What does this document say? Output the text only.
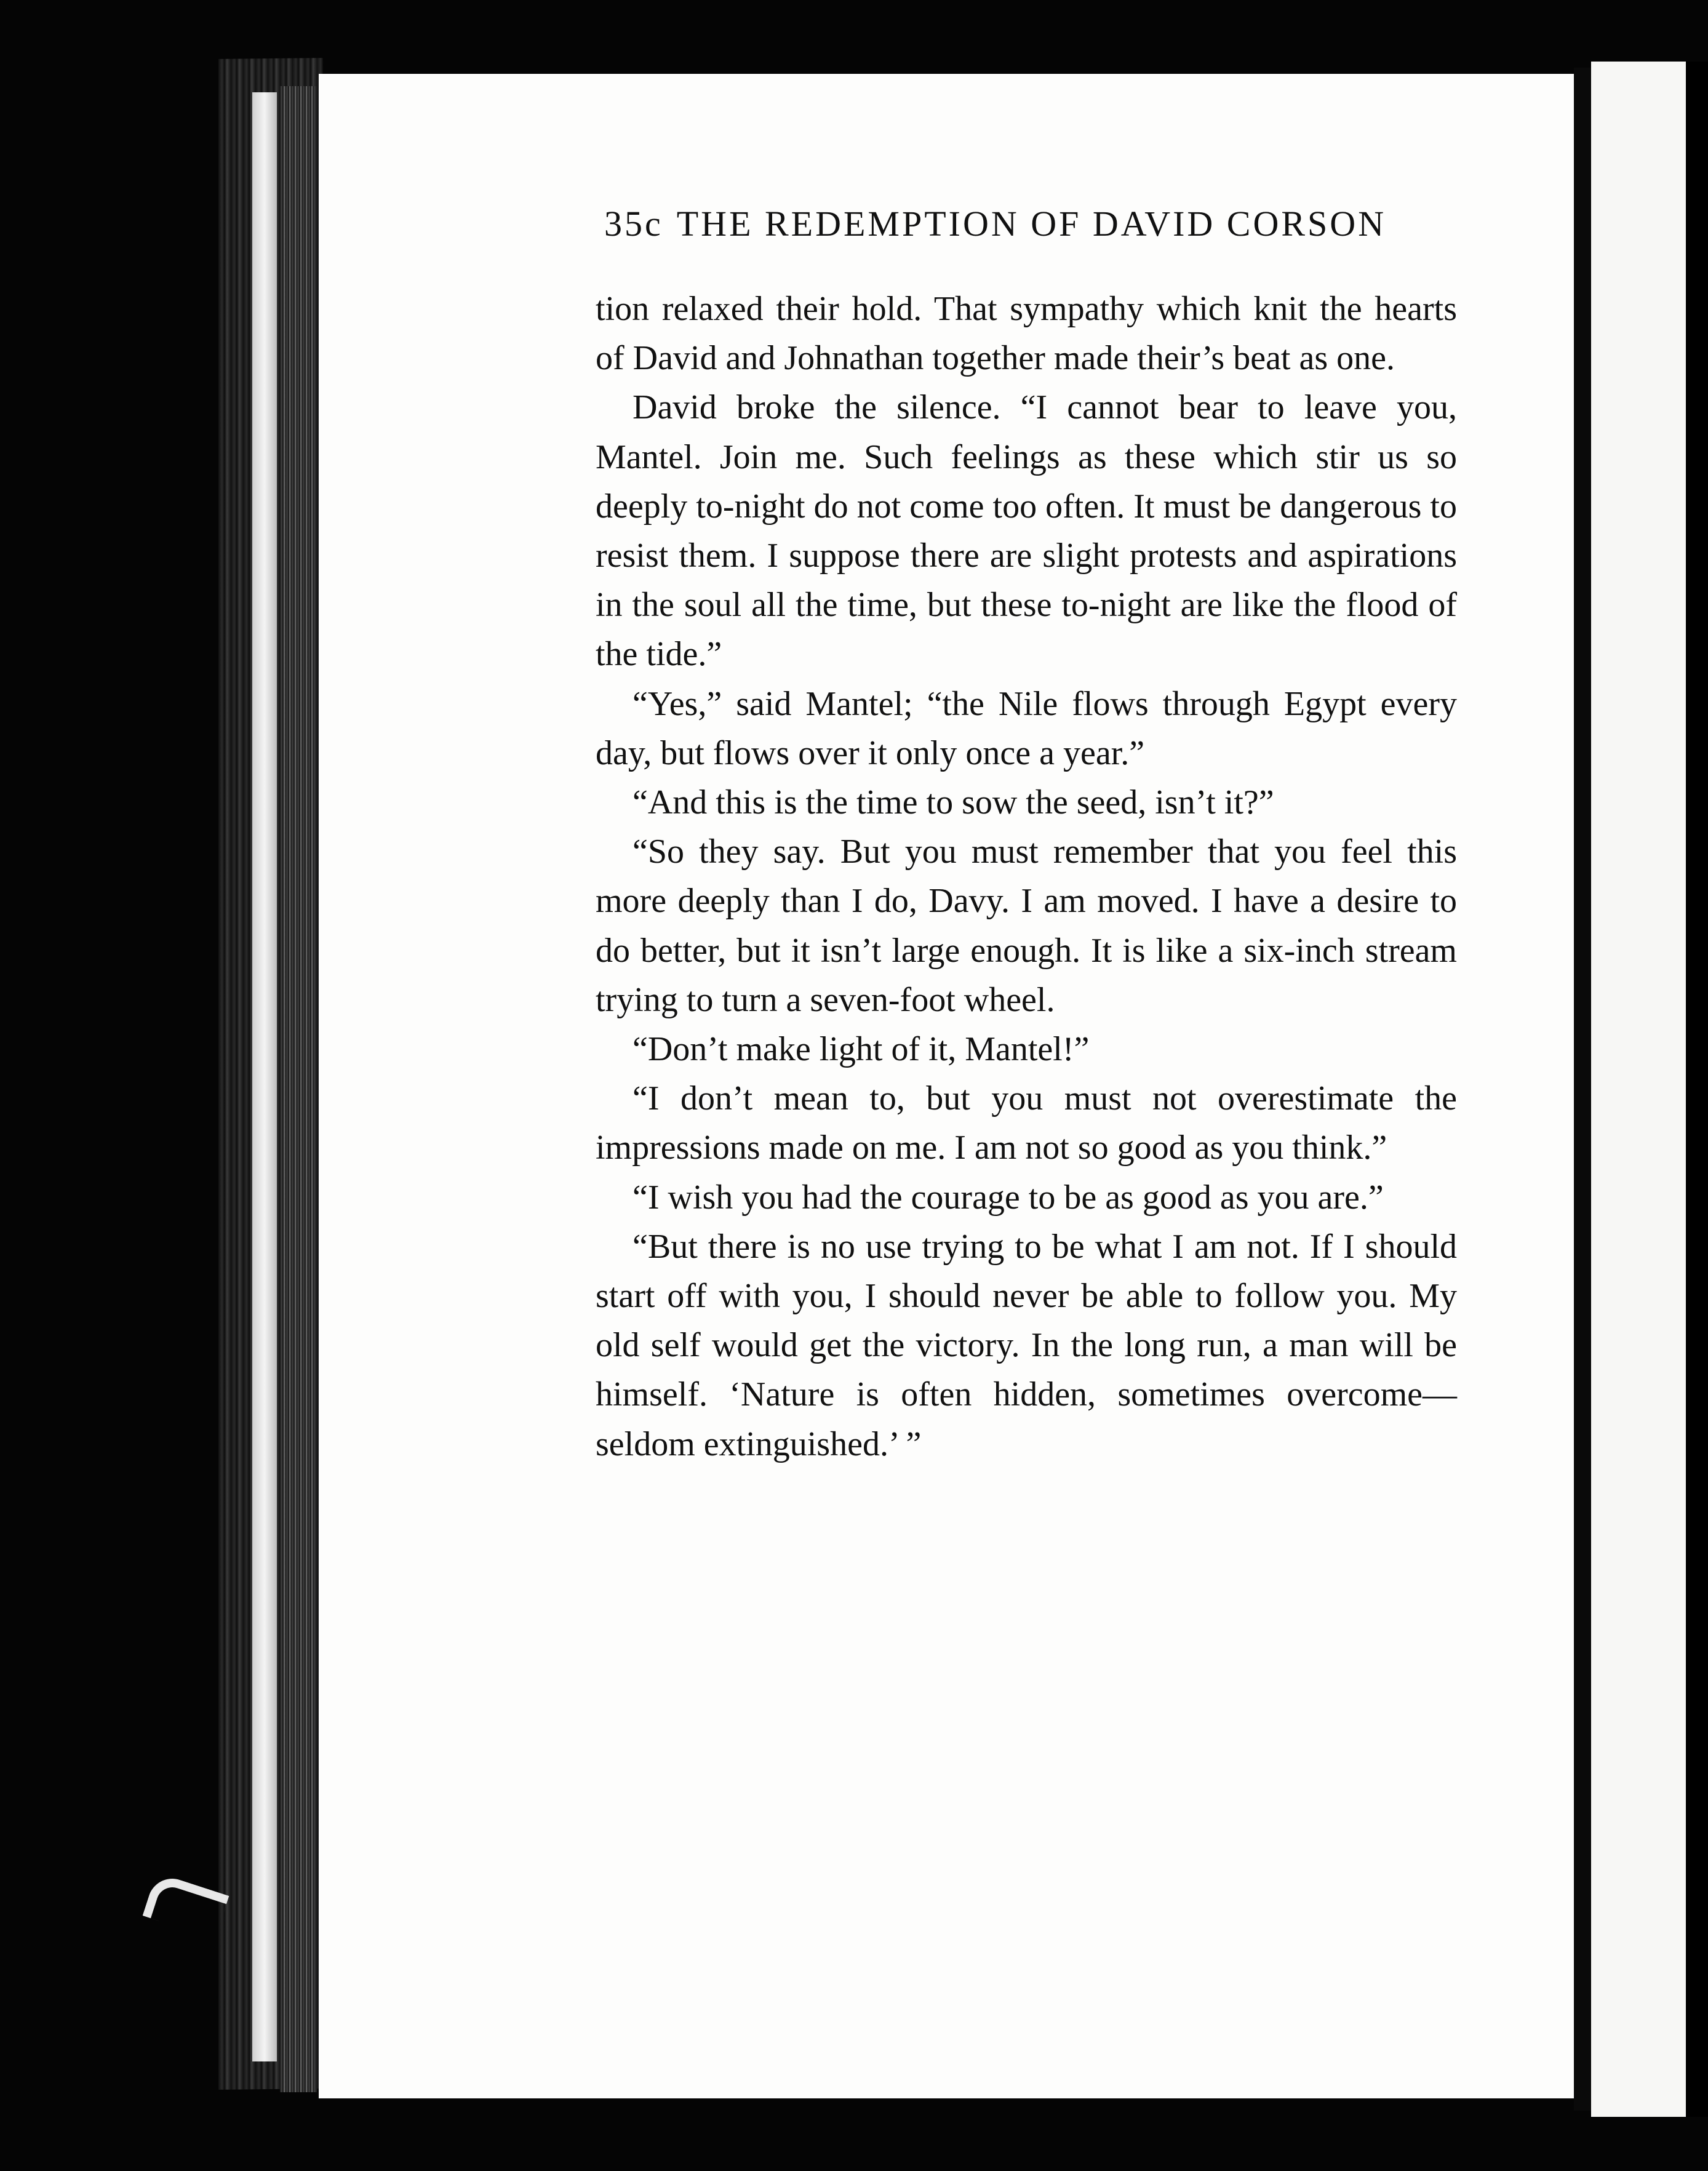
35c THE REDEMPTION OF DAVID CORSON

tion relaxed their hold. That sympathy which knit the hearts of David and Johnathan together made their’s beat as one.

David broke the silence. “I cannot bear to leave you, Mantel. Join me. Such feelings as these which stir us so deeply to-night do not come too often. It must be dangerous to resist them. I suppose there are slight protests and aspirations in the soul all the time, but these to-night are like the flood of the tide.”

“Yes,” said Mantel; “the Nile flows through Egypt every day, but flows over it only once a year.”

“And this is the time to sow the seed, isn’t it?”

“So they say. But you must remember that you feel this more deeply than I do, Davy. I am moved. I have a desire to do better, but it isn’t large enough. It is like a six-inch stream trying to turn a seven-foot wheel.

“Don’t make light of it, Mantel!”

“I don’t mean to, but you must not overestimate the impressions made on me. I am not so good as you think.”

“I wish you had the courage to be as good as you are.”

“But there is no use trying to be what I am not. If I should start off with you, I should never be able to follow you. My old self would get the victory. In the long run, a man will be himself. ‘Nature is often hidden, sometimes overcome—seldom extinguished.’ ”
